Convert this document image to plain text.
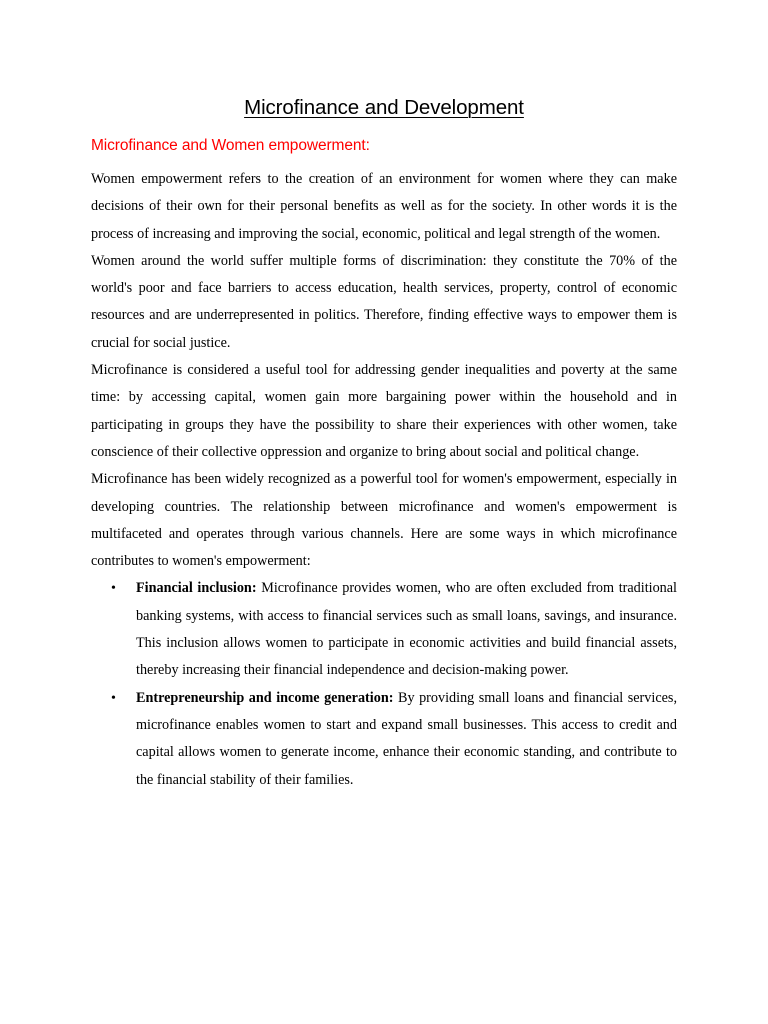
Microfinance and Development
Microfinance and Women empowerment:

Women empowerment refers to the creation of an environment for women where they can make decisions of their own for their personal benefits as well as for the society. In other words it is the process of increasing and improving the social, economic, political and legal strength of the women.

Women around the world suffer multiple forms of discrimination: they constitute the 70% of the world's poor and face barriers to access education, health services, property, control of economic resources and are underrepresented in politics. Therefore, finding effective ways to empower them is crucial for social justice.

Microfinance is considered a useful tool for addressing gender inequalities and poverty at the same time: by accessing capital, women gain more bargaining power within the household and in participating in groups they have the possibility to share their experiences with other women, take conscience of their collective oppression and organize to bring about social and political change.

Microfinance has been widely recognized as a powerful tool for women's empowerment, especially in developing countries. The relationship between microfinance and women's empowerment is multifaceted and operates through various channels. Here are some ways in which microfinance contributes to women's empowerment:

• Financial inclusion: Microfinance provides women, who are often excluded from traditional banking systems, with access to financial services such as small loans, savings, and insurance. This inclusion allows women to participate in economic activities and build financial assets, thereby increasing their financial independence and decision-making power.
• Entrepreneurship and income generation: By providing small loans and financial services, microfinance enables women to start and expand small businesses. This access to credit and capital allows women to generate income, enhance their economic standing, and contribute to the financial stability of their families.
